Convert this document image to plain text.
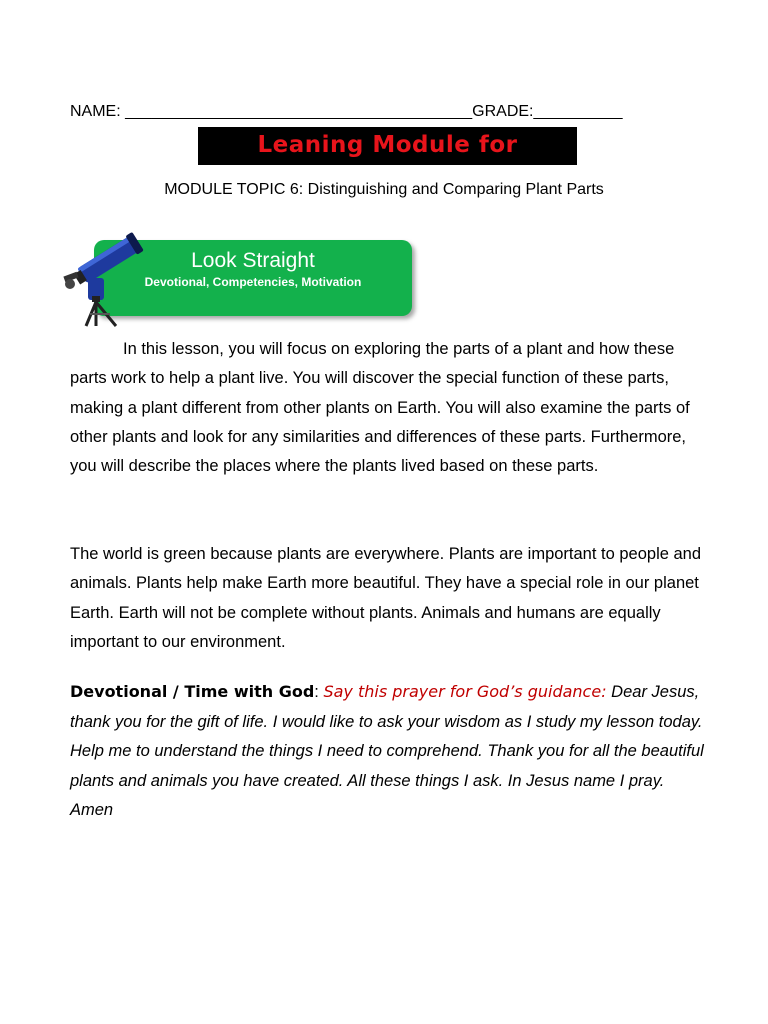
NAME: _______________________________________GRADE:__________
Leaning Module for
MODULE TOPIC 6: Distinguishing and Comparing Plant Parts
Look Straight
Devotional, Competencies, Motivation

In this lesson, you will focus on exploring the parts of a plant and how these parts work to help a plant live. You will discover the special function of these parts, making a plant different from other plants on Earth. You will also examine the parts of other plants and look for any similarities and differences of these parts. Furthermore, you will describe the places where the plants lived based on these parts.

The world is green because plants are everywhere. Plants are important to people and animals. Plants help make Earth more beautiful. They have a special role in our planet Earth. Earth will not be complete without plants. Animals and humans are equally important to our environment.

Devotional / Time with God: Say this prayer for God’s guidance: Dear Jesus, thank you for the gift of life. I would like to ask your wisdom as I study my lesson today. Help me to understand the things I need to comprehend. Thank you for all the beautiful plants and animals you have created. All these things I ask. In Jesus name I pray. Amen
